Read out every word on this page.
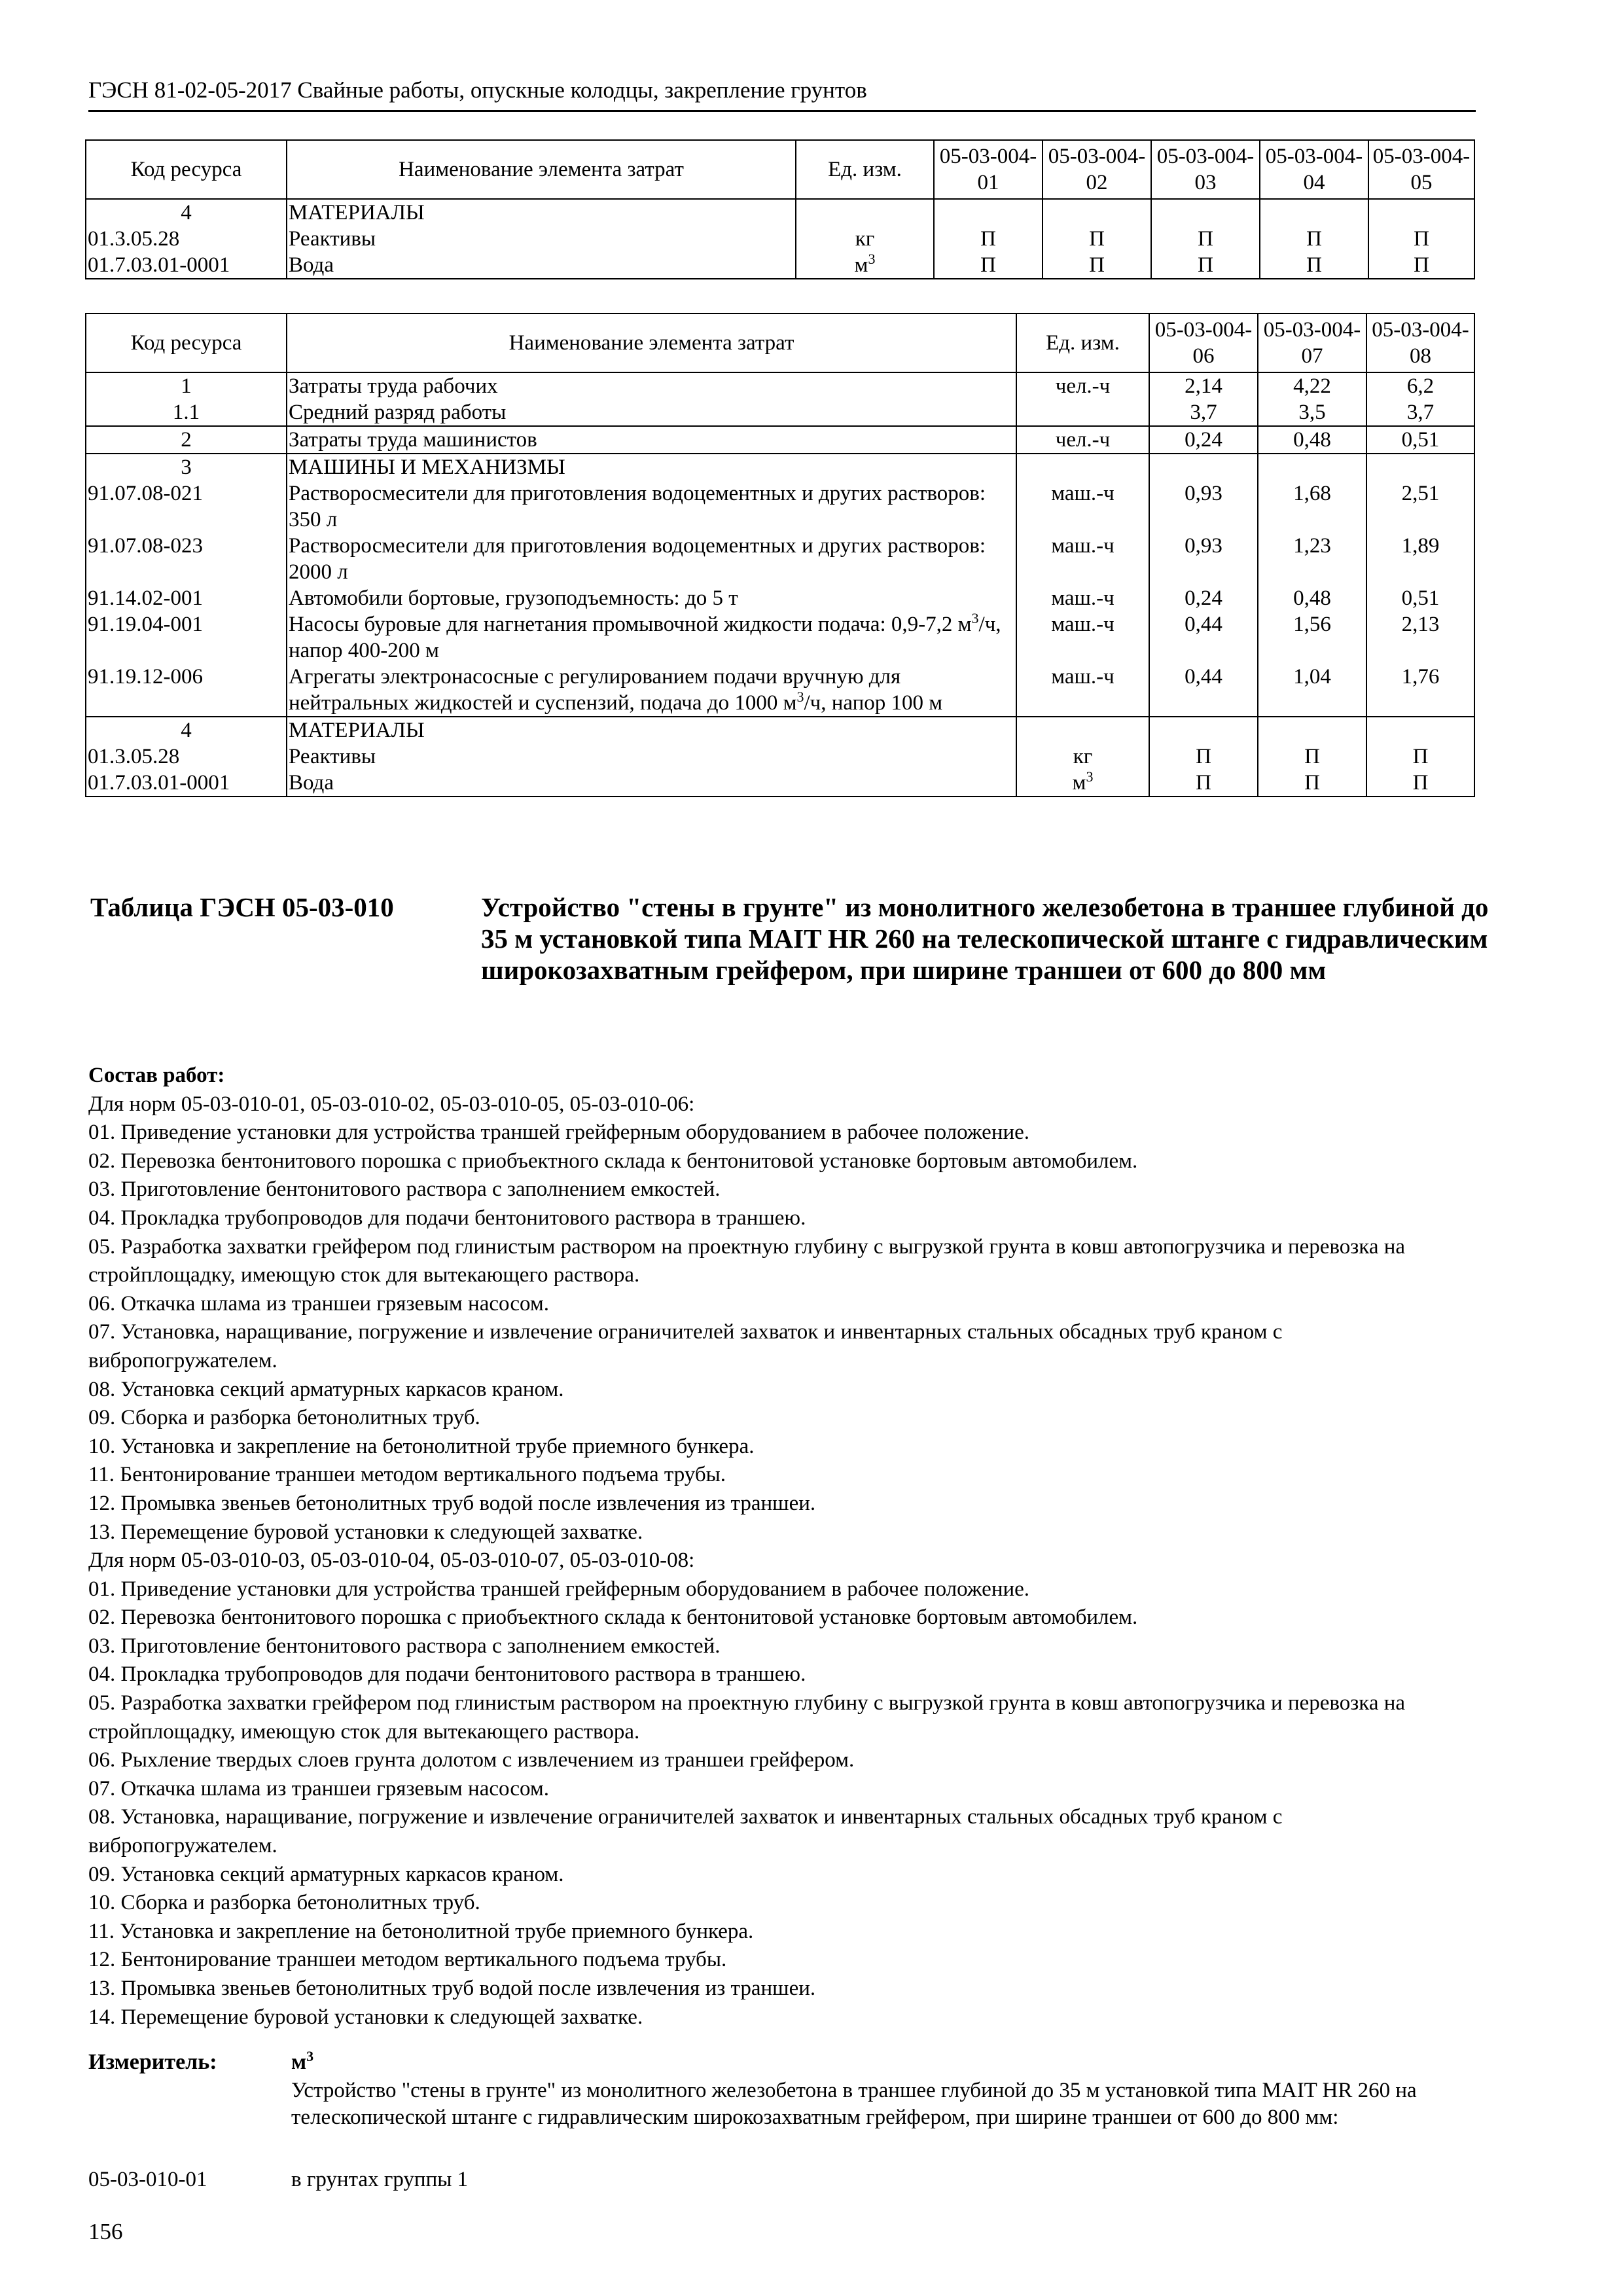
ГЭСН 81-02-05-2017 Свайные работы, опускные колодцы, закрепление грунтов
Код ресурса	Наименование элемента затрат	Ед. изм.	05-03-004-01	05-03-004-02	05-03-004-03	05-03-004-04	05-03-004-05
4	МАТЕРИАЛЫ						
01.3.05.28	Реактивы	кг	П	П	П	П	П
01.7.03.01-0001	Вода	$м^3$	П	П	П	П	П
Код ресурса	Наименование элемента затрат	Ед. изм.	05-03-004-06	05-03-004-07	05-03-004-08
1	Затраты труда рабочих	чел.-ч	2,14	4,22	6,2
1.1	Средний разряд работы		3,7	3,5	3,7
2	Затраты труда машинистов	чел.-ч	0,24	0,48	0,51
3	МАШИНЫ И МЕХАНИЗМЫ				
91.07.08-021	Растворосмесители для приготовления водоцементных и других растворов: 350 л	маш.-ч	0,93	1,68	2,51
91.07.08-023	Растворосмесители для приготовления водоцементных и других растворов: 2000 л	маш.-ч	0,93	1,23	1,89
91.14.02-001	Автомобили бортовые, грузоподъемность: до 5 т	маш.-ч	0,24	0,48	0,51
91.19.04-001	Насосы буровые для нагнетания промывочной жидкости подача: 0,9-7,2 $м^3/ч$, напор 400-200 м	маш.-ч	0,44	1,56	2,13
91.19.12-006	Агрегаты электронасосные с регулированием подачи вручную для нейтральных жидкостей и суспензий, подача до 1000 $м^3/ч$, напор 100 м	маш.-ч	0,44	1,04	1,76
4	МАТЕРИАЛЫ				
01.3.05.28	Реактивы	кг	П	П	П
01.7.03.01-0001	Вода	$м^3$	П	П	П
Таблица ГЭСН 05-03-010	Устройство "стены в грунте" из монолитного железобетона в траншее глубиной до 35 м установкой типа MAIT HR 260 на телескопической штанге с гидравлическим широкозахватным грейфером, при ширине траншеи от 600 до 800 мм
Состав работ:
Для норм 05-03-010-01, 05-03-010-02, 05-03-010-05, 05-03-010-06:
01. Приведение установки для устройства траншей грейферным оборудованием в рабочее положение.
02. Перевозка бентонитового порошка с приобъектного склада к бентонитовой установке бортовым автомобилем.
03. Приготовление бентонитового раствора с заполнением емкостей.
04. Прокладка трубопроводов для подачи бентонитового раствора в траншею.
05. Разработка захватки грейфером под глинистым раствором на проектную глубину с выгрузкой грунта в ковш автопогрузчика и перевозка на стройплощадку, имеющую сток для вытекающего раствора.
06. Откачка шлама из траншеи грязевым насосом.
07. Установка, наращивание, погружение и извлечение ограничителей захваток и инвентарных стальных обсадных труб краном с вибропогружателем.
08. Установка секций арматурных каркасов краном.
09. Сборка и разборка бетонолитных труб.
10. Установка и закрепление на бетонолитной трубе приемного бункера.
11. Бентонирование траншеи методом вертикального подъема трубы.
12. Промывка звеньев бетонолитных труб водой после извлечения из траншеи.
13. Перемещение буровой установки к следующей захватке.
Для норм 05-03-010-03, 05-03-010-04, 05-03-010-07, 05-03-010-08:
01. Приведение установки для устройства траншей грейферным оборудованием в рабочее положение.
02. Перевозка бентонитового порошка с приобъектного склада к бентонитовой установке бортовым автомобилем.
03. Приготовление бентонитового раствора с заполнением емкостей.
04. Прокладка трубопроводов для подачи бентонитового раствора в траншею.
05. Разработка захватки грейфером под глинистым раствором на проектную глубину с выгрузкой грунта в ковш автопогрузчика и перевозка на стройплощадку, имеющую сток для вытекающего раствора.
06. Рыхление твердых слоев грунта долотом с извлечением из траншеи грейфером.
07. Откачка шлама из траншеи грязевым насосом.
08. Установка, наращивание, погружение и извлечение ограничителей захваток и инвентарных стальных обсадных труб краном с вибропогружателем.
09. Установка секций арматурных каркасов краном.
10. Сборка и разборка бетонолитных труб.
11. Установка и закрепление на бетонолитной трубе приемного бункера.
12. Бентонирование траншеи методом вертикального подъема трубы.
13. Промывка звеньев бетонолитных труб водой после извлечения из траншеи.
14. Перемещение буровой установки к следующей захватке.
Измеритель:	$м^3$
Устройство "стены в грунте" из монолитного железобетона в траншее глубиной до 35 м установкой типа MAIT HR 260 на телескопической штанге с гидравлическим широкозахватным грейфером, при ширине траншеи от 600 до 800 мм:
05-03-010-01	в грунтах группы 1
156
